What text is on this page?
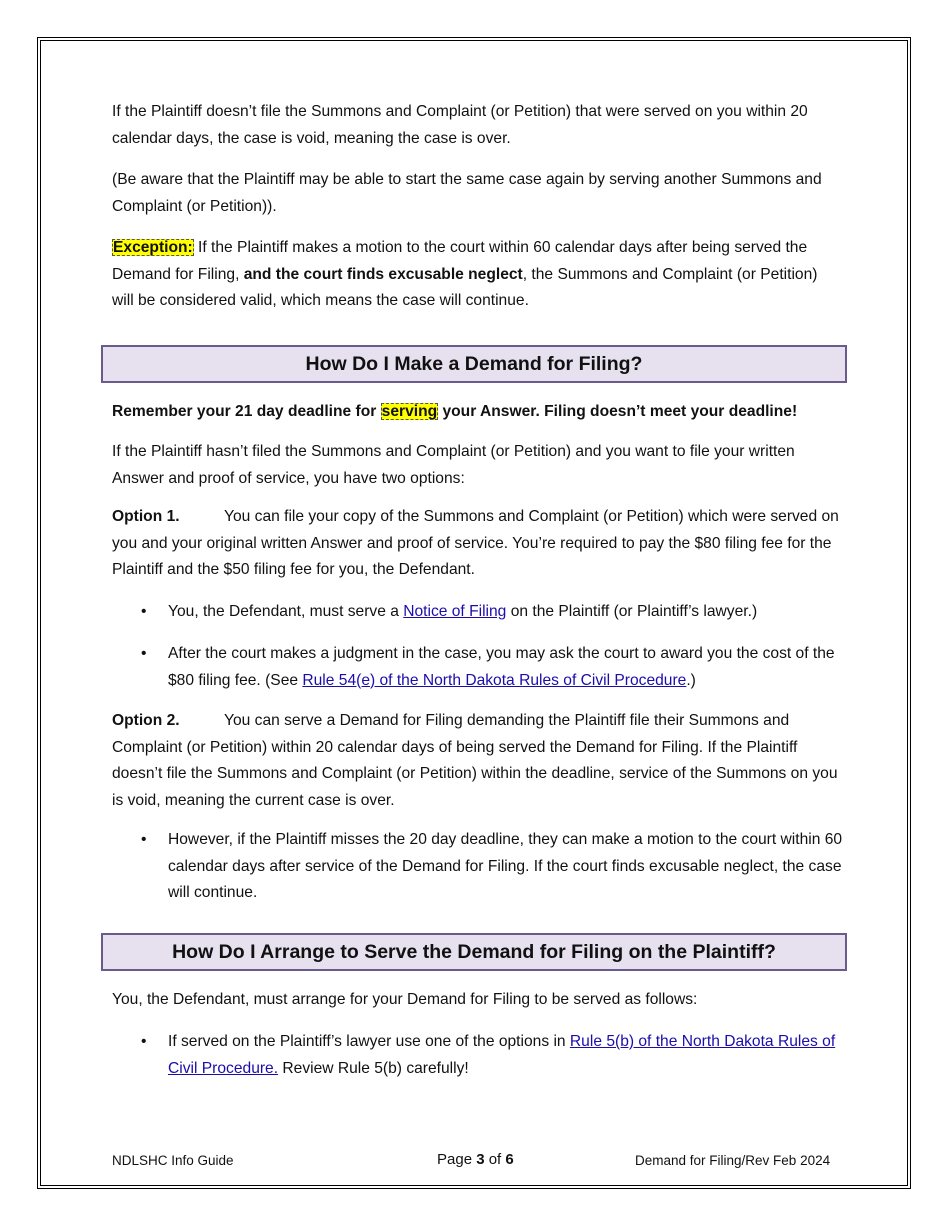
If the Plaintiff doesn’t file the Summons and Complaint (or Petition) that were served on you within 20 calendar days, the case is void, meaning the case is over.

(Be aware that the Plaintiff may be able to start the same case again by serving another Summons and Complaint (or Petition)).

Exception: If the Plaintiff makes a motion to the court within 60 calendar days after being served the Demand for Filing, and the court finds excusable neglect, the Summons and Complaint (or Petition) will be considered valid, which means the case will continue.

How Do I Make a Demand for Filing?
Remember your 21 day deadline for serving your Answer. Filing doesn’t meet your deadline!
If the Plaintiff hasn’t filed the Summons and Complaint (or Petition) and you want to file your written Answer and proof of service, you have two options:
Option 1.	You can file your copy of the Summons and Complaint (or Petition) which were served on you and your original written Answer and proof of service. You’re required to pay the $80 filing fee for the Plaintiff and the $50 filing fee for you, the Defendant.
• You, the Defendant, must serve a Notice of Filing on the Plaintiff (or Plaintiff’s lawyer.)
• After the court makes a judgment in the case, you may ask the court to award you the cost of the $80 filing fee. (See Rule 54(e) of the North Dakota Rules of Civil Procedure.)
Option 2.	You can serve a Demand for Filing demanding the Plaintiff file their Summons and Complaint (or Petition) within 20 calendar days of being served the Demand for Filing. If the Plaintiff doesn’t file the Summons and Complaint (or Petition) within the deadline, service of the Summons on you is void, meaning the current case is over.
• However, if the Plaintiff misses the 20 day deadline, they can make a motion to the court within 60 calendar days after service of the Demand for Filing. If the court finds excusable neglect, the case will continue.
How Do I Arrange to Serve the Demand for Filing on the Plaintiff?
You, the Defendant, must arrange for your Demand for Filing to be served as follows:
• If served on the Plaintiff’s lawyer use one of the options in Rule 5(b) of the North Dakota Rules of Civil Procedure. Review Rule 5(b) carefully!
NDLSHC Info Guide	Page 3 of 6	Demand for Filing/Rev Feb 2024
